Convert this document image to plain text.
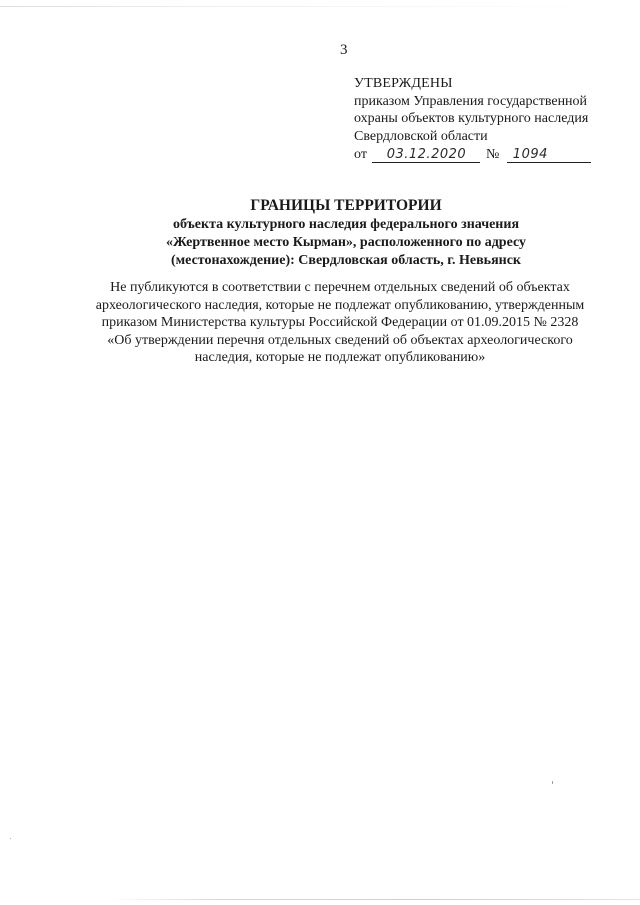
3
УТВЕРЖДЕНЫ
приказом Управления государственной
охраны объектов культурного наследия
Свердловской области
от 03.12.2020 № 1094
ГРАНИЦЫ ТЕРРИТОРИИ
объекта культурного наследия федерального значения
«Жертвенное место Кырман», расположенного по адресу
(местонахождение): Свердловская область, г. Невьянск
Не публикуются в соответствии с перечнем отдельных сведений об объектах
археологического наследия, которые не подлежат опубликованию, утвержденным
приказом Министерства культуры Российской Федерации от 01.09.2015 № 2328
«Об утверждении перечня отдельных сведений об объектах археологического
наследия, которые не подлежат опубликованию»
